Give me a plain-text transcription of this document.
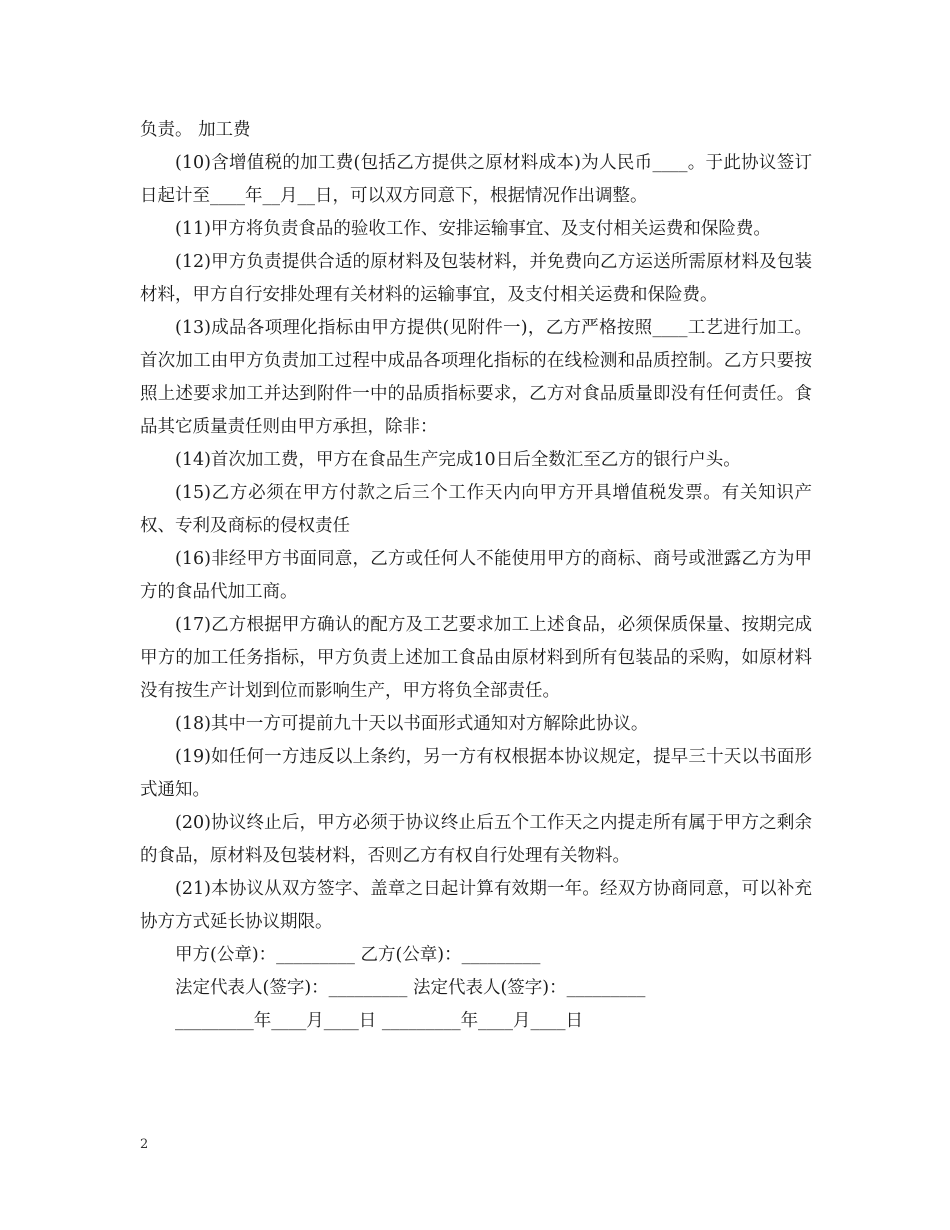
负责。 加工费

(10)含增值税的加工费(包括乙方提供之原材料成本)为人民币____。于此协议签订日起计至____年__月__日，可以双方同意下，根据情况作出调整。

(11)甲方将负责食品的验收工作、安排运输事宜、及支付相关运费和保险费。

(12)甲方负责提供合适的原材料及包装材料，并免费向乙方运送所需原材料及包装材料，甲方自行安排处理有关材料的运输事宜，及支付相关运费和保险费。

(13)成品各项理化指标由甲方提供(见附件一)，乙方严格按照____工艺进行加工。首次加工由甲方负责加工过程中成品各项理化指标的在线检测和品质控制。乙方只要按照上述要求加工并达到附件一中的品质指标要求，乙方对食品质量即没有任何责任。食品其它质量责任则由甲方承担，除非：

(14)首次加工费，甲方在食品生产完成10日后全数汇至乙方的银行户头。

(15)乙方必须在甲方付款之后三个工作天内向甲方开具增值税发票。有关知识产权、专利及商标的侵权责任

(16)非经甲方书面同意，乙方或任何人不能使用甲方的商标、商号或泄露乙方为甲方的食品代加工商。

(17)乙方根据甲方确认的配方及工艺要求加工上述食品，必须保质保量、按期完成甲方的加工任务指标，甲方负责上述加工食品由原材料到所有包装品的采购，如原材料没有按生产计划到位而影响生产，甲方将负全部责任。

(18)其中一方可提前九十天以书面形式通知对方解除此协议。

(19)如任何一方违反以上条约，另一方有权根据本协议规定，提早三十天以书面形式通知。

(20)协议终止后，甲方必须于协议终止后五个工作天之内提走所有属于甲方之剩余的食品，原材料及包装材料，否则乙方有权自行处理有关物料。

(21)本协议从双方签字、盖章之日起计算有效期一年。经双方协商同意，可以补充协方方式延长协议期限。

甲方(公章)：_________ 乙方(公章)：_________

法定代表人(签字)：_________ 法定代表人(签字)：_________

_________年____月____日 _________年____月____日

2
